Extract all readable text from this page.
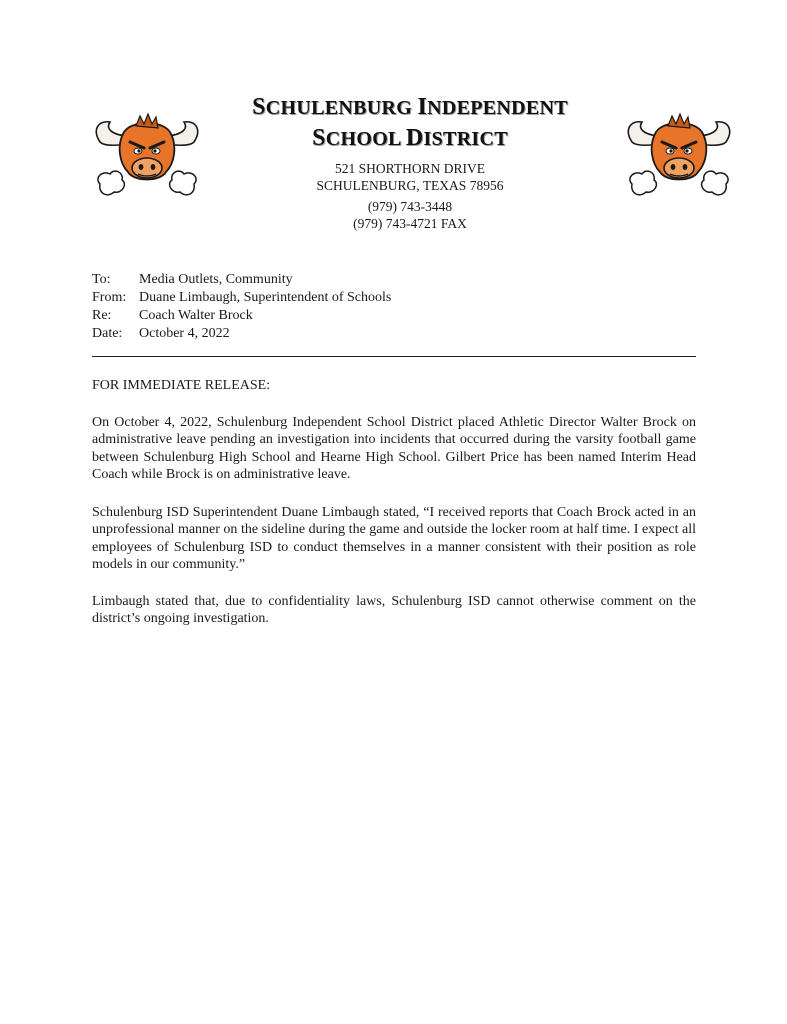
SCHULENBURG INDEPENDENT
SCHOOL DISTRICT
521 SHORTHORN DRIVE
SCHULENBURG, TEXAS 78956
(979) 743-3448
(979) 743-4721 FAX
To:	Media Outlets, Community
From: Duane Limbaugh, Superintendent of Schools
Re:	Coach Walter Brock
Date:	October 4, 2022
FOR IMMEDIATE RELEASE:

On October 4, 2022, Schulenburg Independent School District placed Athletic Director Walter Brock on administrative leave pending an investigation into incidents that occurred during the varsity football game between Schulenburg High School and Hearne High School. Gilbert Price has been named Interim Head Coach while Brock is on administrative leave.

Schulenburg ISD Superintendent Duane Limbaugh stated, “I received reports that Coach Brock acted in an unprofessional manner on the sideline during the game and outside the locker room at half time. I expect all employees of Schulenburg ISD to conduct themselves in a manner consistent with their position as role models in our community.”

Limbaugh stated that, due to confidentiality laws, Schulenburg ISD cannot otherwise comment on the district’s ongoing investigation.
